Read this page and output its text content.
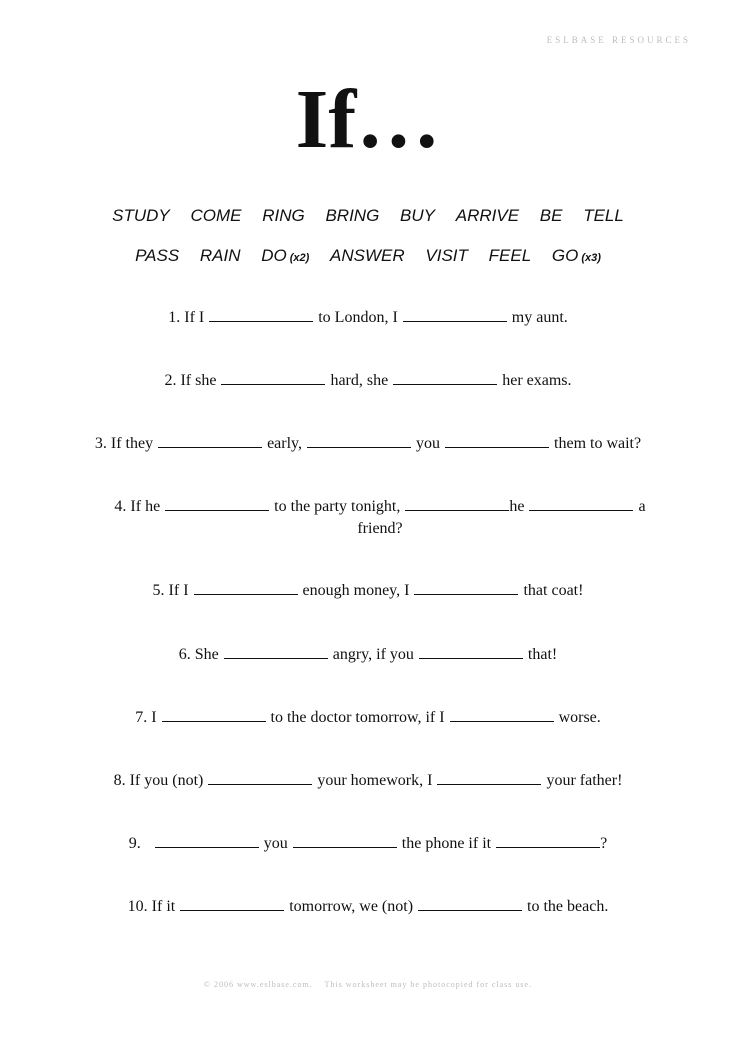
ESLBASE RESOURCES
If…
STUDY COME RING BRING BUY ARRIVE BE TELL
PASS RAIN DO (x2) ANSWER VISIT FEEL GO (x3)
1. If I	to London, I	my aunt.
2. If she	hard, she	her exams.
3. If they	early,	you	them to wait?
4. If he	to the party tonight,	he	a
friend?
5. If I	enough money, I	that coat!
6. She	angry, if you	that!
7. I	to the doctor tomorrow, if I	worse.
8. If you (not)	your homework, I	your father!
9.	you	the phone if it	?
10. If it	tomorrow, we (not)	to the beach.
© 2006 www.eslbase.com.    This worksheet may be photocopied for class use.
